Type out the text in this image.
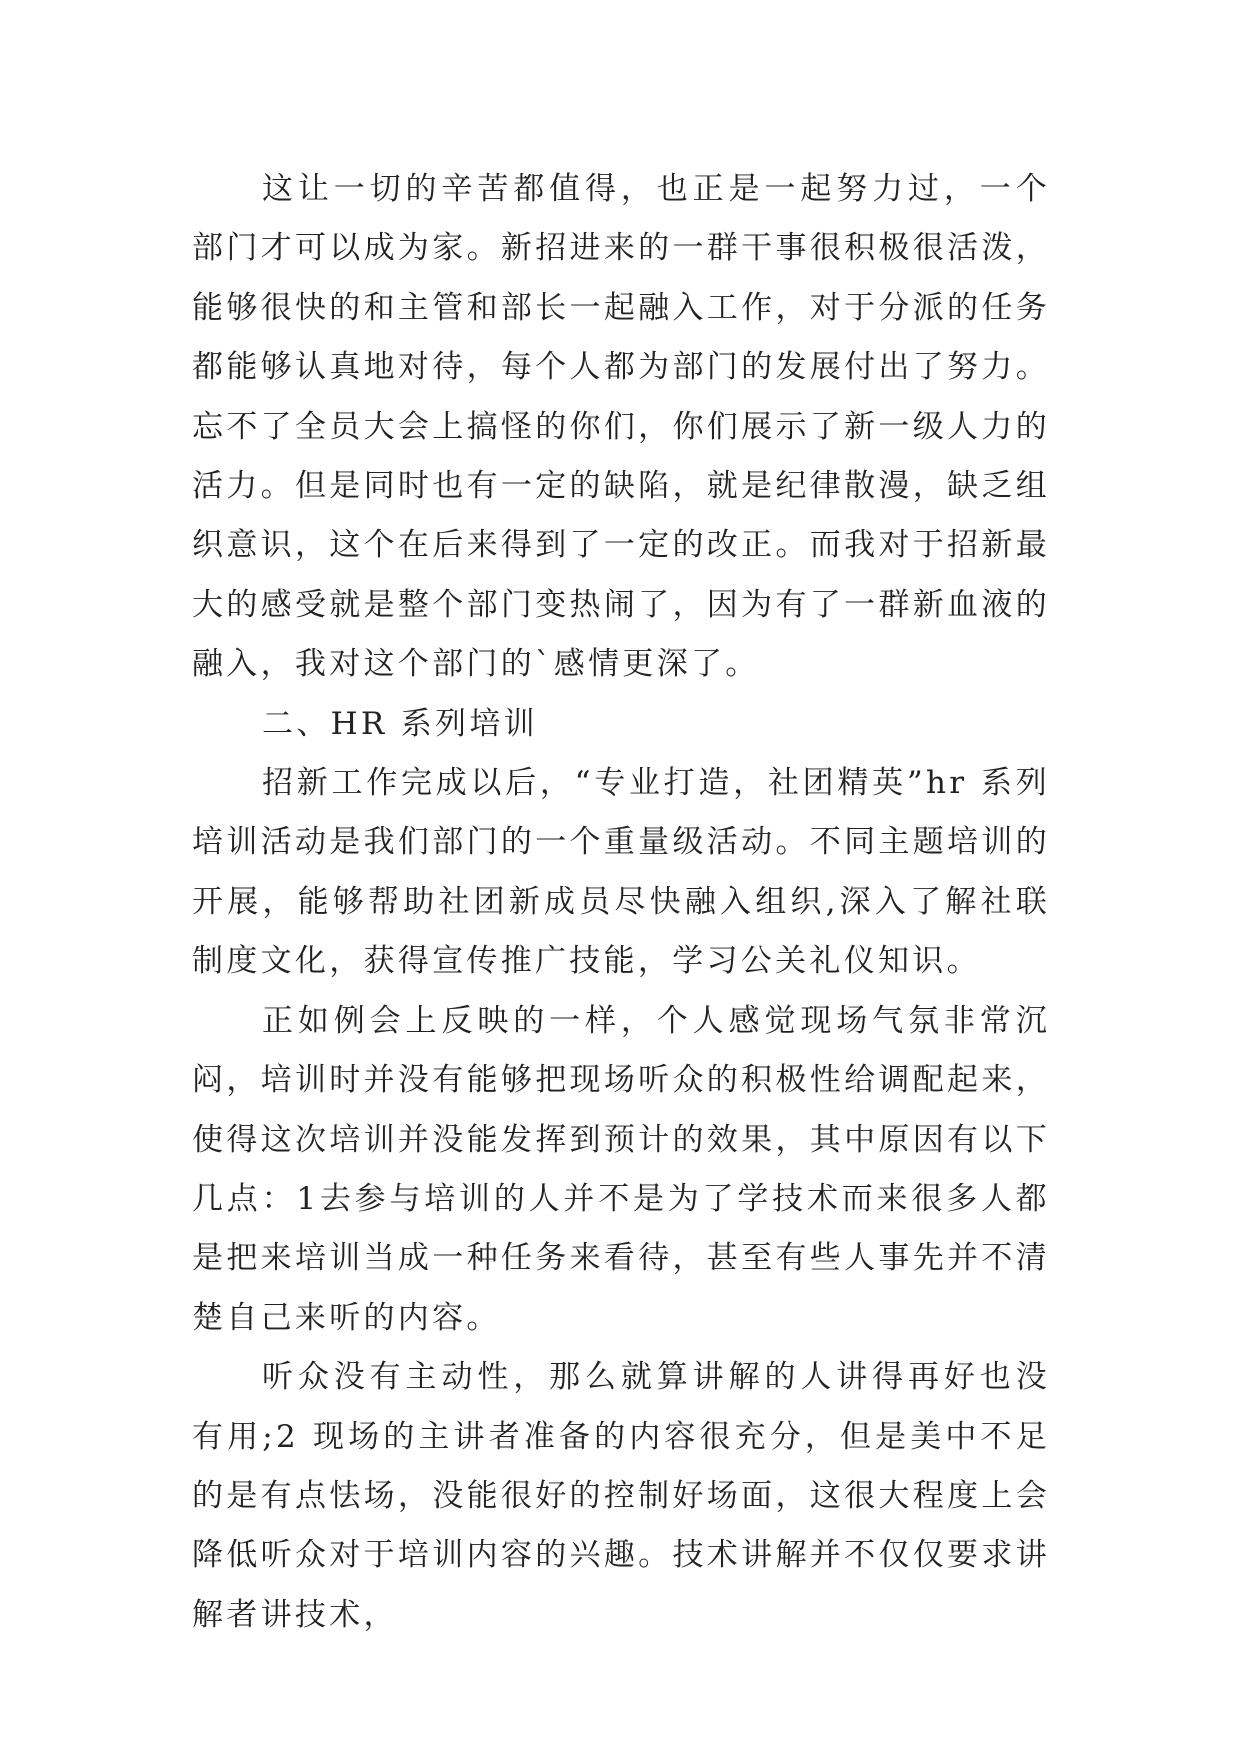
这让一切的辛苦都值得，也正是一起努力过，一个部门才可以成为家。新招进来的一群干事很积极很活泼，能够很快的和主管和部长一起融入工作，对于分派的任务都能够认真地对待，每个人都为部门的发展付出了努力。忘不了全员大会上搞怪的你们，你们展示了新一级人力的活力。但是同时也有一定的缺陷，就是纪律散漫，缺乏组织意识，这个在后来得到了一定的改正。而我对于招新最大的感受就是整个部门变热闹了，因为有了一群新血液的融入，我对这个部门的`感情更深了。

二、HR 系列培训

招新工作完成以后，“专业打造，社团精英”hr 系列培训活动是我们部门的一个重量级活动。不同主题培训的开展，能够帮助社团新成员尽快融入组织,深入了解社联制度文化，获得宣传推广技能，学习公关礼仪知识。

正如例会上反映的一样，个人感觉现场气氛非常沉闷，培训时并没有能够把现场听众的积极性给调配起来，使得这次培训并没能发挥到预计的效果，其中原因有以下几点：1去参与培训的人并不是为了学技术而来很多人都是把来培训当成一种任务来看待，甚至有些人事先并不清楚自己来听的内容。

听众没有主动性，那么就算讲解的人讲得再好也没有用;2 现场的主讲者准备的内容很充分，但是美中不足的是有点怯场，没能很好的控制好场面，这很大程度上会降低听众对于培训内容的兴趣。技术讲解并不仅仅要求讲解者讲技术，
